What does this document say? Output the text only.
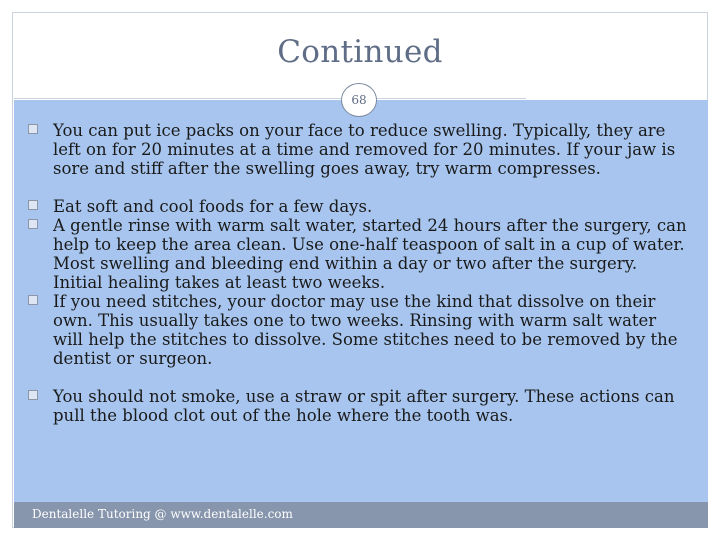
Continued
68
You can put ice packs on your face to reduce swelling. Typically, they are left on for 20 minutes at a time and removed for 20 minutes. If your jaw is sore and stiff after the swelling goes away, try warm compresses.
Eat soft and cool foods for a few days.
A gentle rinse with warm salt water, started 24 hours after the surgery, can help to keep the area clean. Use one-half teaspoon of salt in a cup of water. Most swelling and bleeding end within a day or two after the surgery. Initial healing takes at least two weeks.
If you need stitches, your doctor may use the kind that dissolve on their own. This usually takes one to two weeks. Rinsing with warm salt water will help the stitches to dissolve. Some stitches need to be removed by the dentist or surgeon.
You should not smoke, use a straw or spit after surgery. These actions can pull the blood clot out of the hole where the tooth was.
Dentalelle Tutoring @ www.dentalelle.com
